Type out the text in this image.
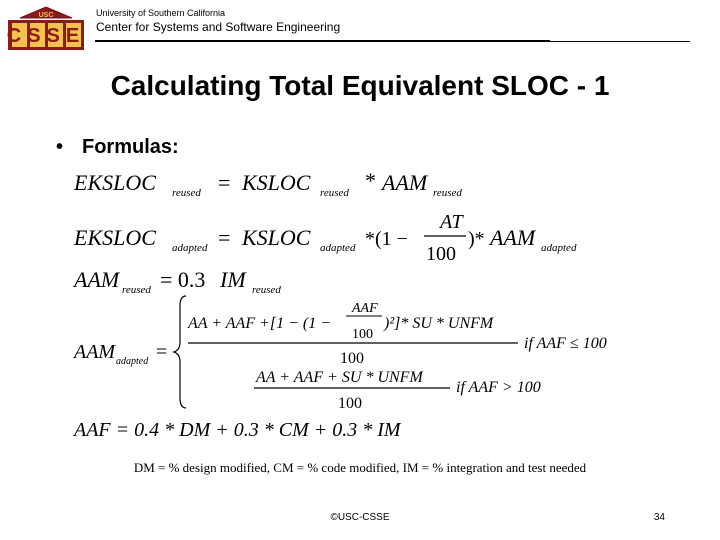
USC
CSSE
University of Southern California
Center for Systems and Software Engineering
Calculating Total Equivalent SLOC - 1
• Formulas:
EKSLOC reused = KSLOC reused * AAM reused
EKSLOC adapted = KSLOC adapted *(1 −
AT
100
)* AAM adapted
AAM reused = 0.3 IM reused
AAM adapted =
AA + AAF +[1 − (1 −
AAF
100
)²]* SU * UNFM
100
if AAF ≤ 100
AA + AAF + SU * UNFM
100
if AAF > 100
AAF = 0.4 * DM + 0.3 * CM + 0.3 * IM
DM = % design modified, CM = % code modified, IM = % integration and test needed
©USC-CSSE	34
